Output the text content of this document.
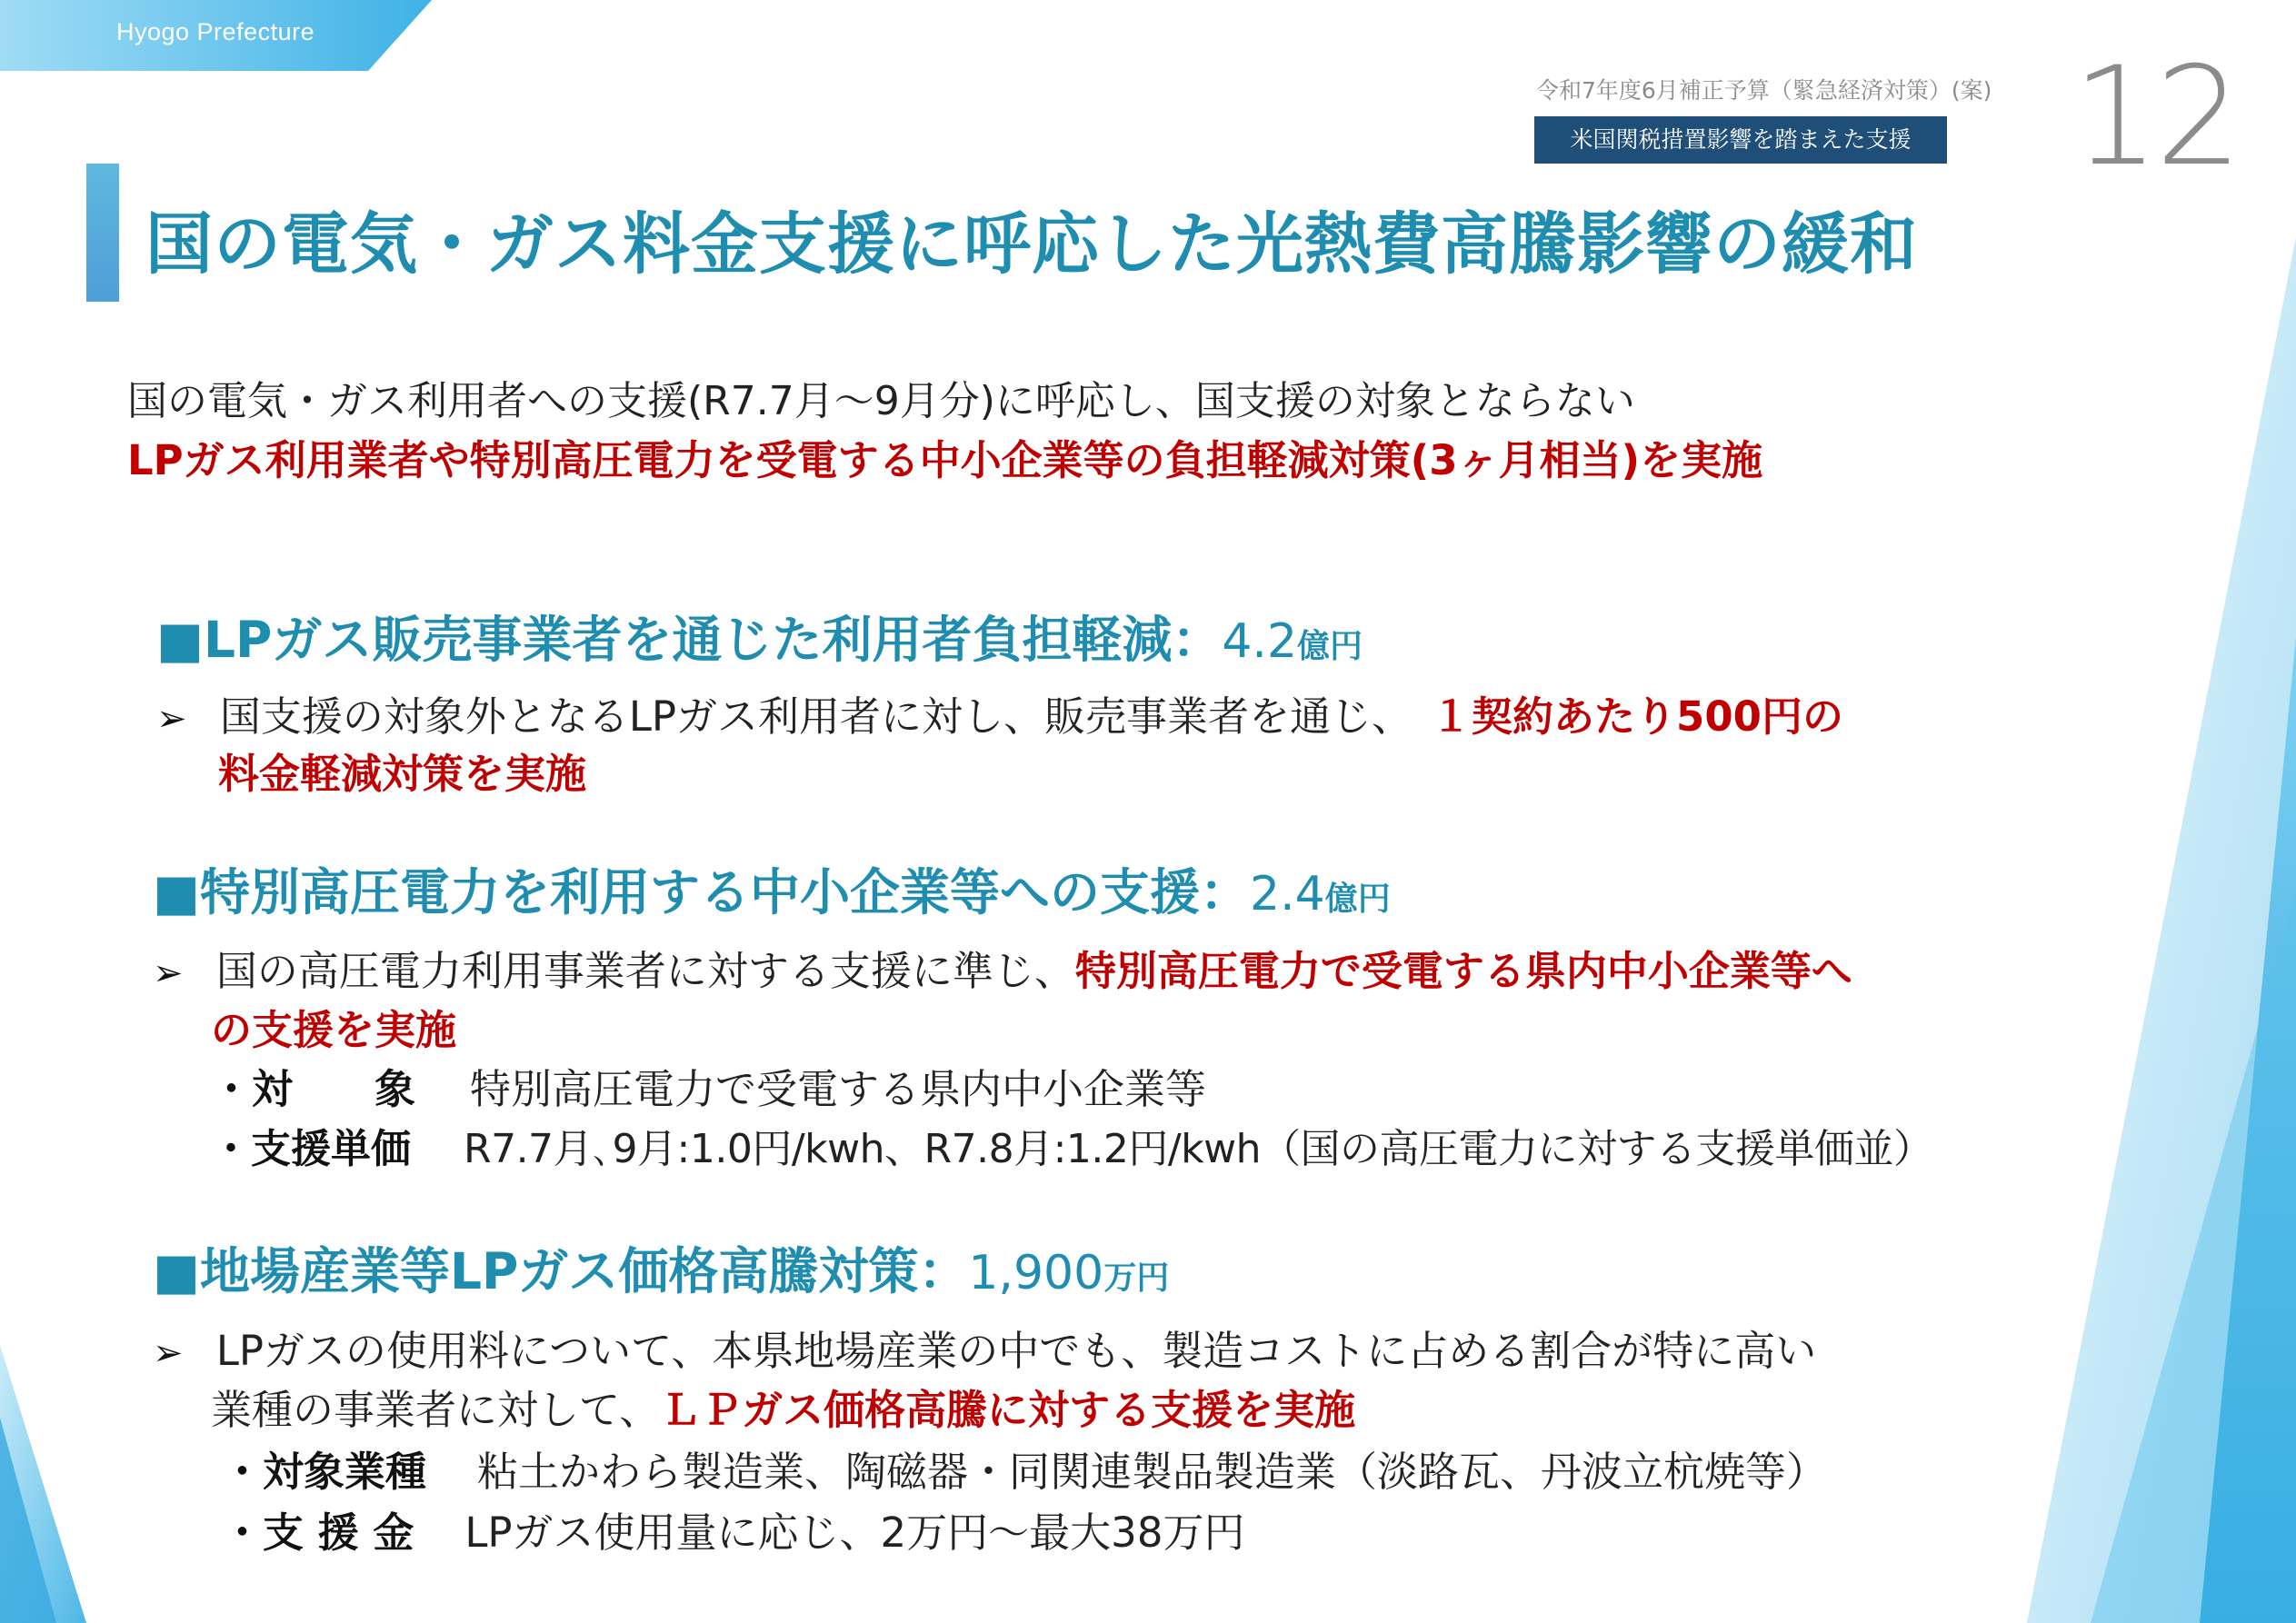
Hyogo Prefecture
令和7年度6月補正予算（緊急経済対策）(案)
米国関税措置影響を踏まえた支援 12
国の電気・ガス料金支援に呼応した光熱費高騰影響の緩和
国の電気・ガス利用者への支援(R7.7月～9月分)に呼応し、国支援の対象とならない
LPガス利用業者や特別高圧電力を受電する中小企業等の負担軽減対策(3ヶ月相当)を実施
■LPガス販売事業者を通じた利用者負担軽減：4.2億円
➢ 国支援の対象外となるLPガス利用者に対し、販売事業者を通じ、 １契約あたり500円の
料金軽減対策を実施
■特別高圧電力を利用する中小企業等への支援：2.4億円
➢ 国の高圧電力利用事業者に対する支援に準じ、特別高圧電力で受電する県内中小企業等へ
の支援を実施
・対　　象 特別高圧電力で受電する県内中小企業等
・支援単価 R7.7月､9月:1.0円/kwh、R7.8月:1.2円/kwh（国の高圧電力に対する支援単価並）
■地場産業等LPガス価格高騰対策：1,900万円
➢ LPガスの使用料について、本県地場産業の中でも、製造コストに占める割合が特に高い
業種の事業者に対して、ＬＰガス価格高騰に対する支援を実施
・対象業種 粘土かわら製造業、陶磁器・同関連製品製造業（淡路瓦、丹波立杭焼等）
・支 援 金 LPガス使用量に応じ、2万円～最大38万円
